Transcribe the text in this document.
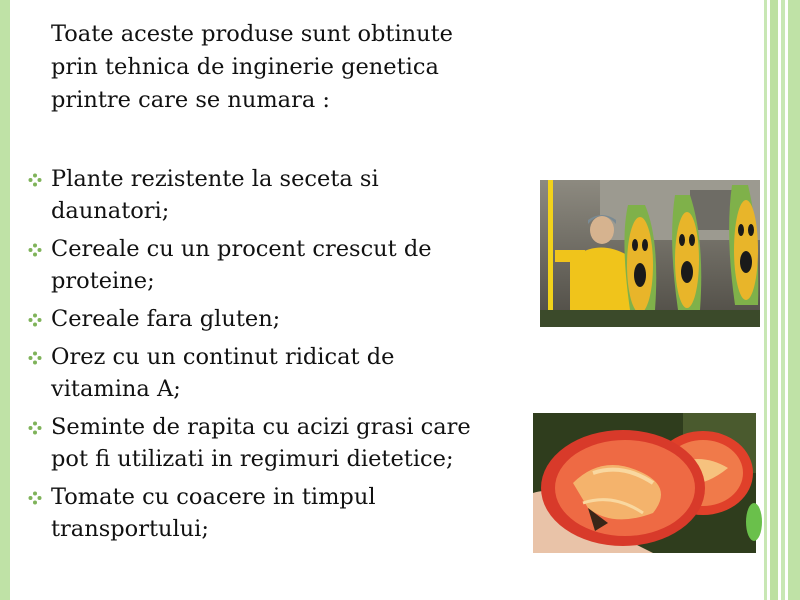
Toate aceste produse sunt obtinute
prin tehnica de inginerie genetica
printre care se numara :
Plante rezistente la seceta si
daunatori;
Cereale cu un procent crescut de
proteine;
Cereale fara gluten;
Orez cu un continut ridicat de
vitamina A;
Seminte de rapita cu acizi grasi care
pot fi utilizati in regimuri dietetice;
Tomate cu coacere in timpul
transportului;
